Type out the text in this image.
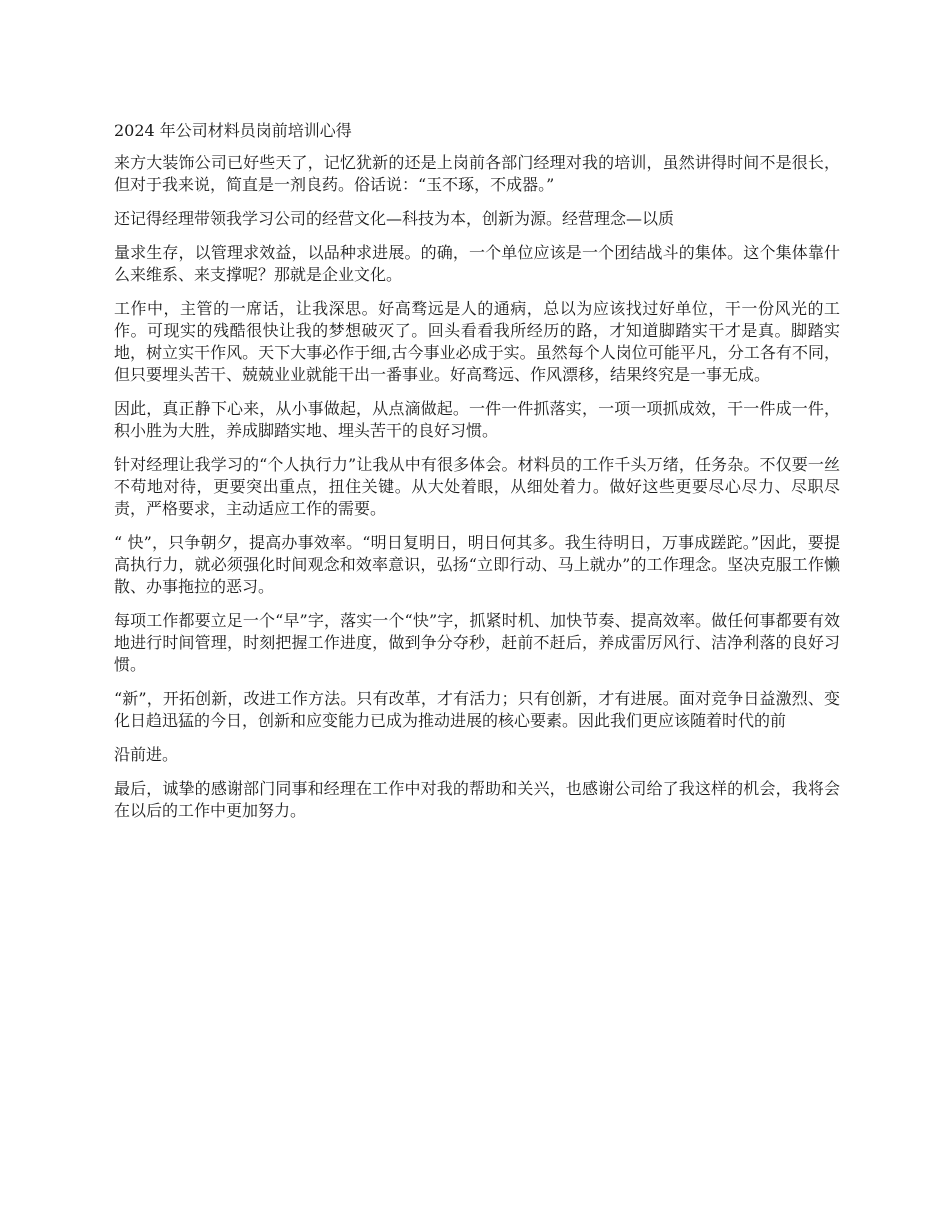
2024 年公司材料员岗前培训心得

来方大装饰公司已好些天了，记忆犹新的还是上岗前各部门经理对我的培训，虽然讲得时间不是很长，但对于我来说，简直是一剂良药。俗话说：“玉不琢，不成器。”

还记得经理带领我学习公司的经营文化—科技为本，创新为源。经营理念—以质

量求生存，以管理求效益，以品种求进展。的确，一个单位应该是一个团结战斗的集体。这个集体靠什么来维系、来支撑呢？那就是企业文化。

工作中，主管的一席话，让我深思。好高骛远是人的通病，总以为应该找过好单位，干一份风光的工作。可现实的残酷很快让我的梦想破灭了。回头看看我所经历的路，才知道脚踏实干才是真。脚踏实地，树立实干作风。天下大事必作于细,古今事业必成于实。虽然每个人岗位可能平凡，分工各有不同，但只要埋头苦干、兢兢业业就能干出一番事业。好高骛远、作风漂移，结果终究是一事无成。

因此，真正静下心来，从小事做起，从点滴做起。一件一件抓落实，一项一项抓成效，干一件成一件，积小胜为大胜，养成脚踏实地、埋头苦干的良好习惯。

针对经理让我学习的“个人执行力”让我从中有很多体会。材料员的工作千头万绪，任务杂。不仅要一丝不苟地对待，更要突出重点，扭住关键。从大处着眼，从细处着力。做好这些更要尽心尽力、尽职尽责，严格要求，主动适应工作的需要。

“ 快”，只争朝夕，提高办事效率。“明日复明日，明日何其多。我生待明日，万事成蹉跎。”因此，要提高执行力，就必须强化时间观念和效率意识，弘扬“立即行动、马上就办”的工作理念。坚决克服工作懒散、办事拖拉的恶习。

每项工作都要立足一个“早”字，落实一个“快”字，抓紧时机、加快节奏、提高效率。做任何事都要有效地进行时间管理，时刻把握工作进度，做到争分夺秒，赶前不赶后，养成雷厉风行、洁净利落的良好习惯。

“新”，开拓创新，改进工作方法。只有改革，才有活力；只有创新，才有进展。面对竞争日益激烈、变化日趋迅猛的今日，创新和应变能力已成为推动进展的核心要素。因此我们更应该随着时代的前

沿前进。

最后，诚挚的感谢部门同事和经理在工作中对我的帮助和关兴，也感谢公司给了我这样的机会，我将会在以后的工作中更加努力。
